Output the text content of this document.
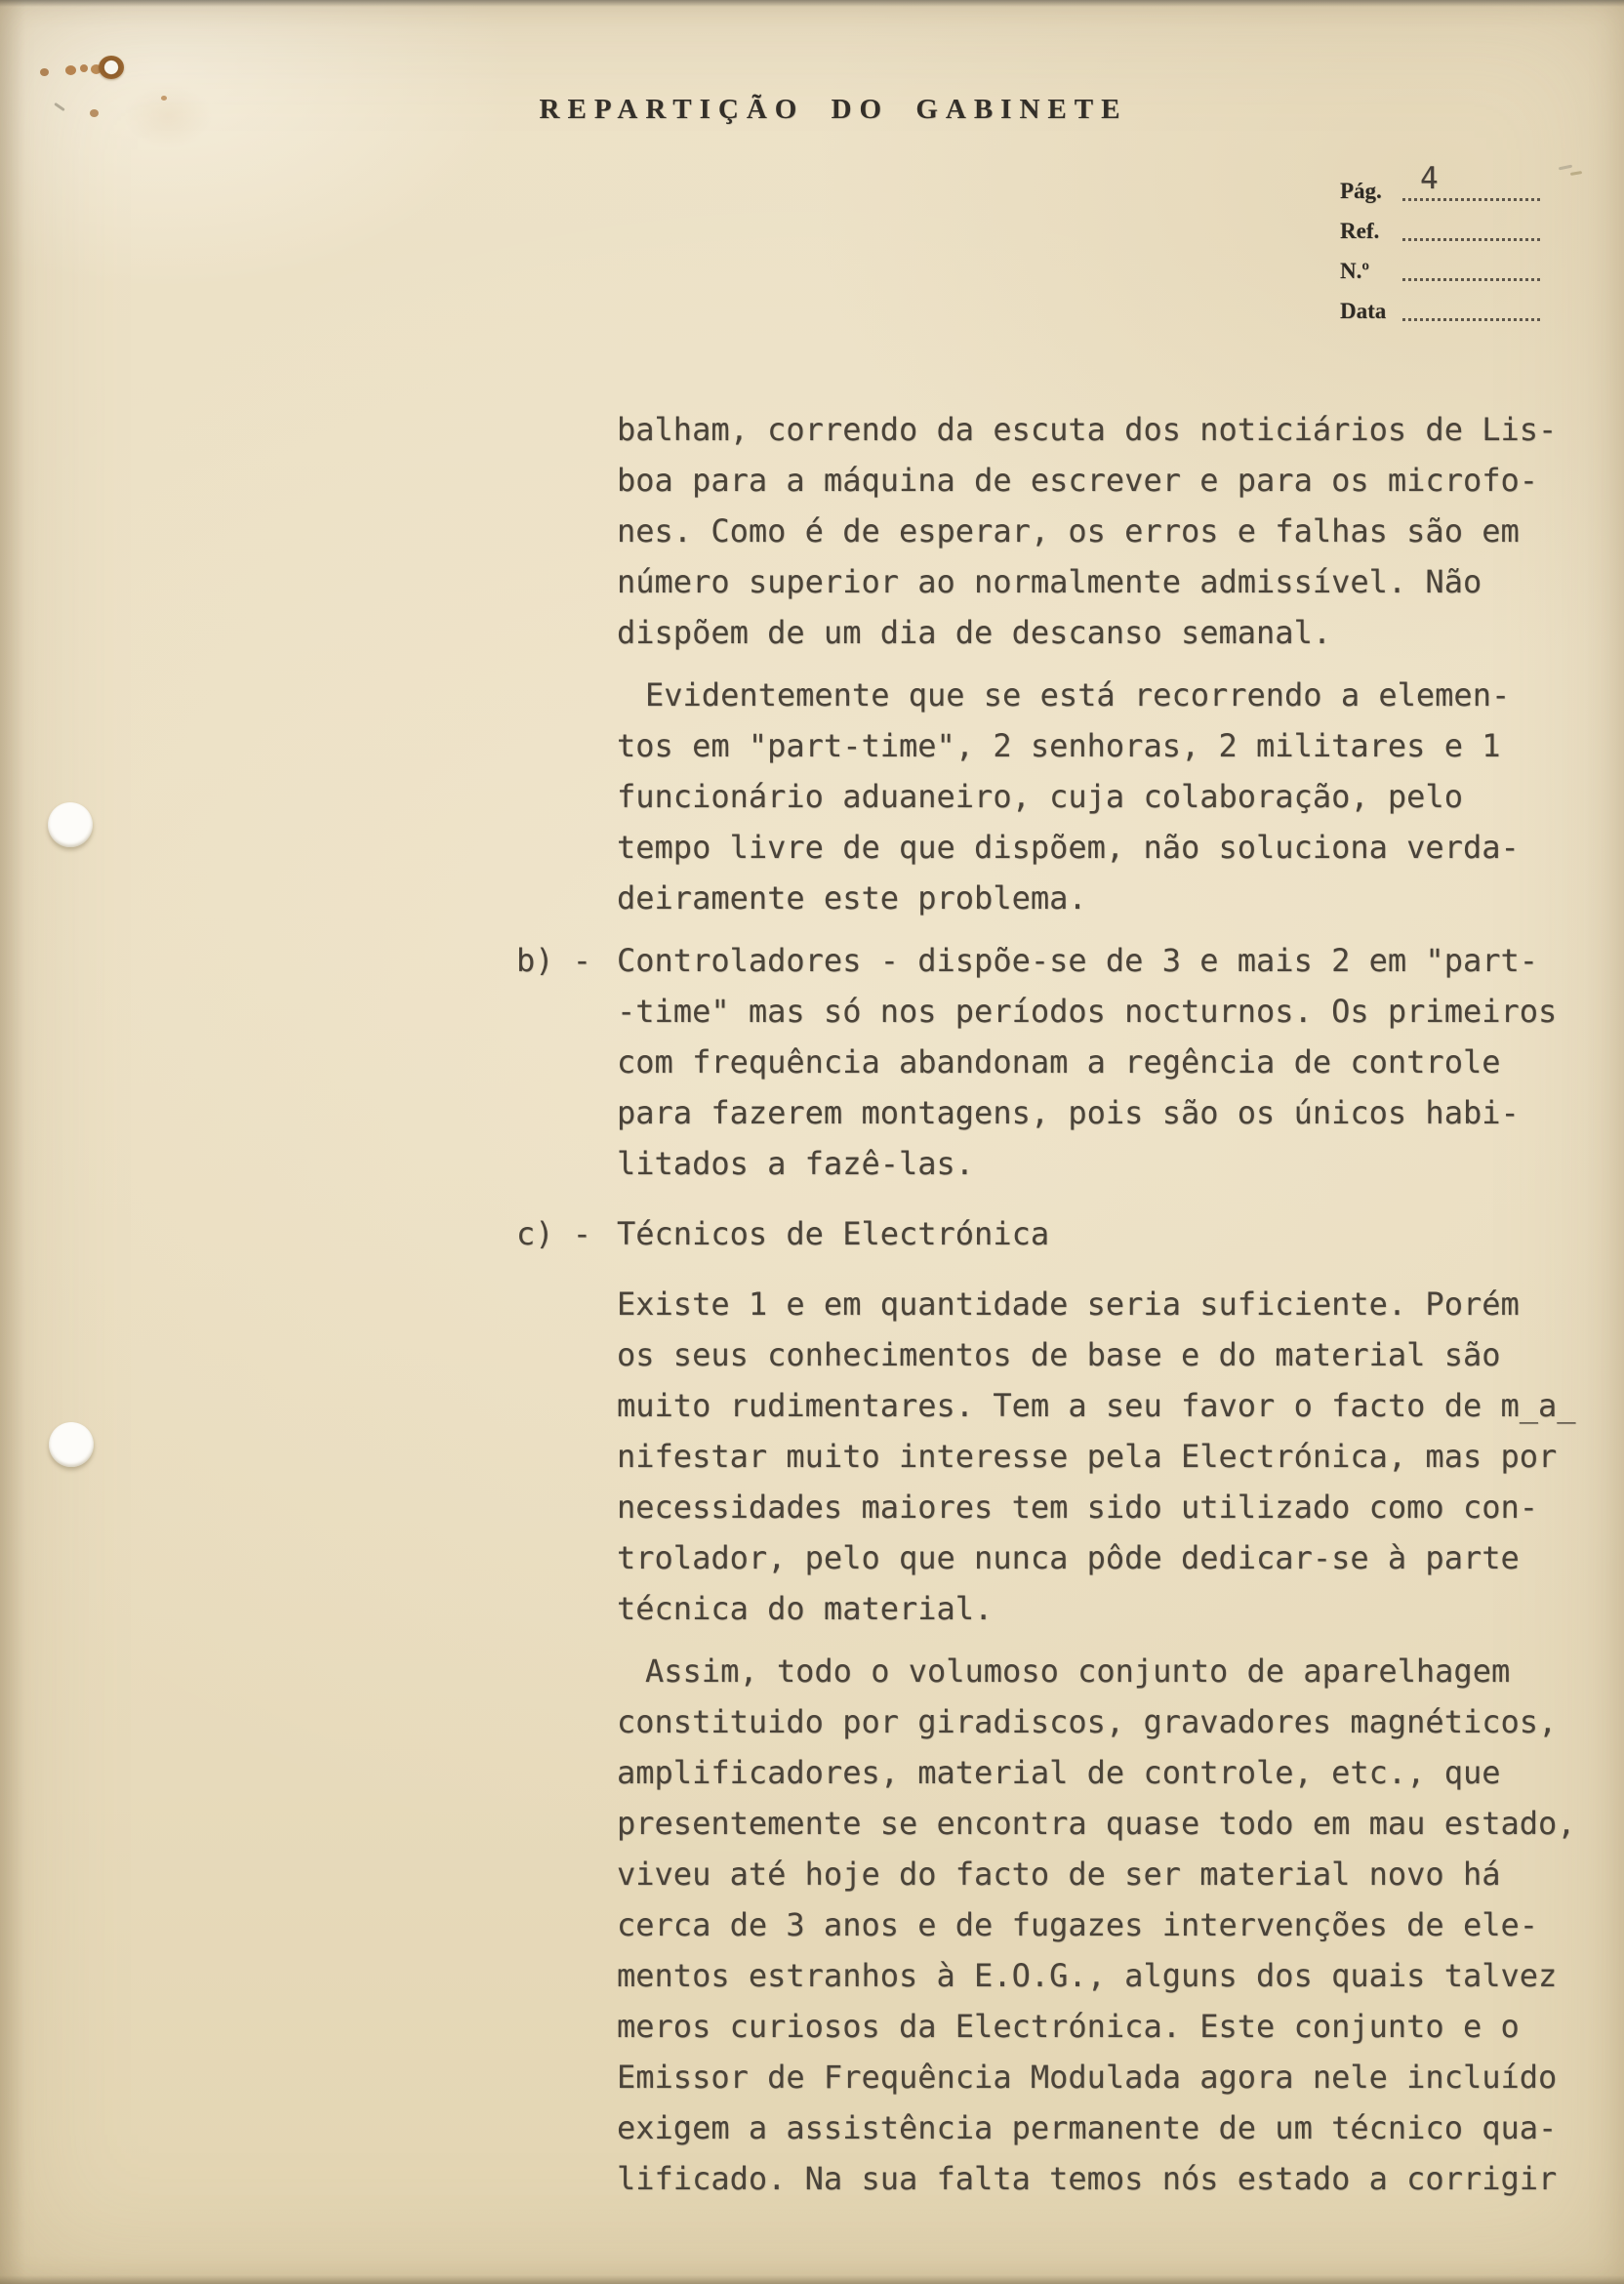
REPARTIÇÃO DO GABINETE
Pág.	4
Ref.
N.º
Data
balham, correndo da escuta dos noticiários de Lis-
boa para a máquina de escrever e para os microfo-
nes. Como é de esperar, os erros e falhas são em
número superior ao normalmente admissível. Não
dispõem de um dia de descanso semanal.
Evidentemente que se está recorrendo a elemen-
tos em "part-time", 2 senhoras, 2 militares e 1
funcionário aduaneiro, cuja colaboração, pelo
tempo livre de que dispõem, não soluciona verda-
deiramente este problema.
b) - Controladores - dispõe-se de 3 e mais 2 em "part-
-time" mas só nos períodos nocturnos. Os primeiros
com frequência abandonam a regência de controle
para fazerem montagens, pois são os únicos habi-
litados a fazê-las.
c) - Técnicos de Electrónica
Existe 1 e em quantidade seria suficiente. Porém
os seus conhecimentos de base e do material são
muito rudimentares. Tem a seu favor o facto de m̲a̲
nifestar muito interesse pela Electrónica, mas por
necessidades maiores tem sido utilizado como con-
trolador, pelo que nunca pôde dedicar-se à parte
técnica do material.
Assim, todo o volumoso conjunto de aparelhagem
constituido por giradiscos, gravadores magnéticos,
amplificadores, material de controle, etc., que
presentemente se encontra quase todo em mau estado,
viveu até hoje do facto de ser material novo há
cerca de 3 anos e de fugazes intervenções de ele-
mentos estranhos à E.O.G., alguns dos quais talvez
meros curiosos da Electrónica. Este conjunto e o
Emissor de Frequência Modulada agora nele incluído
exigem a assistência permanente de um técnico qua-
lificado. Na sua falta temos nós estado a corrigir
